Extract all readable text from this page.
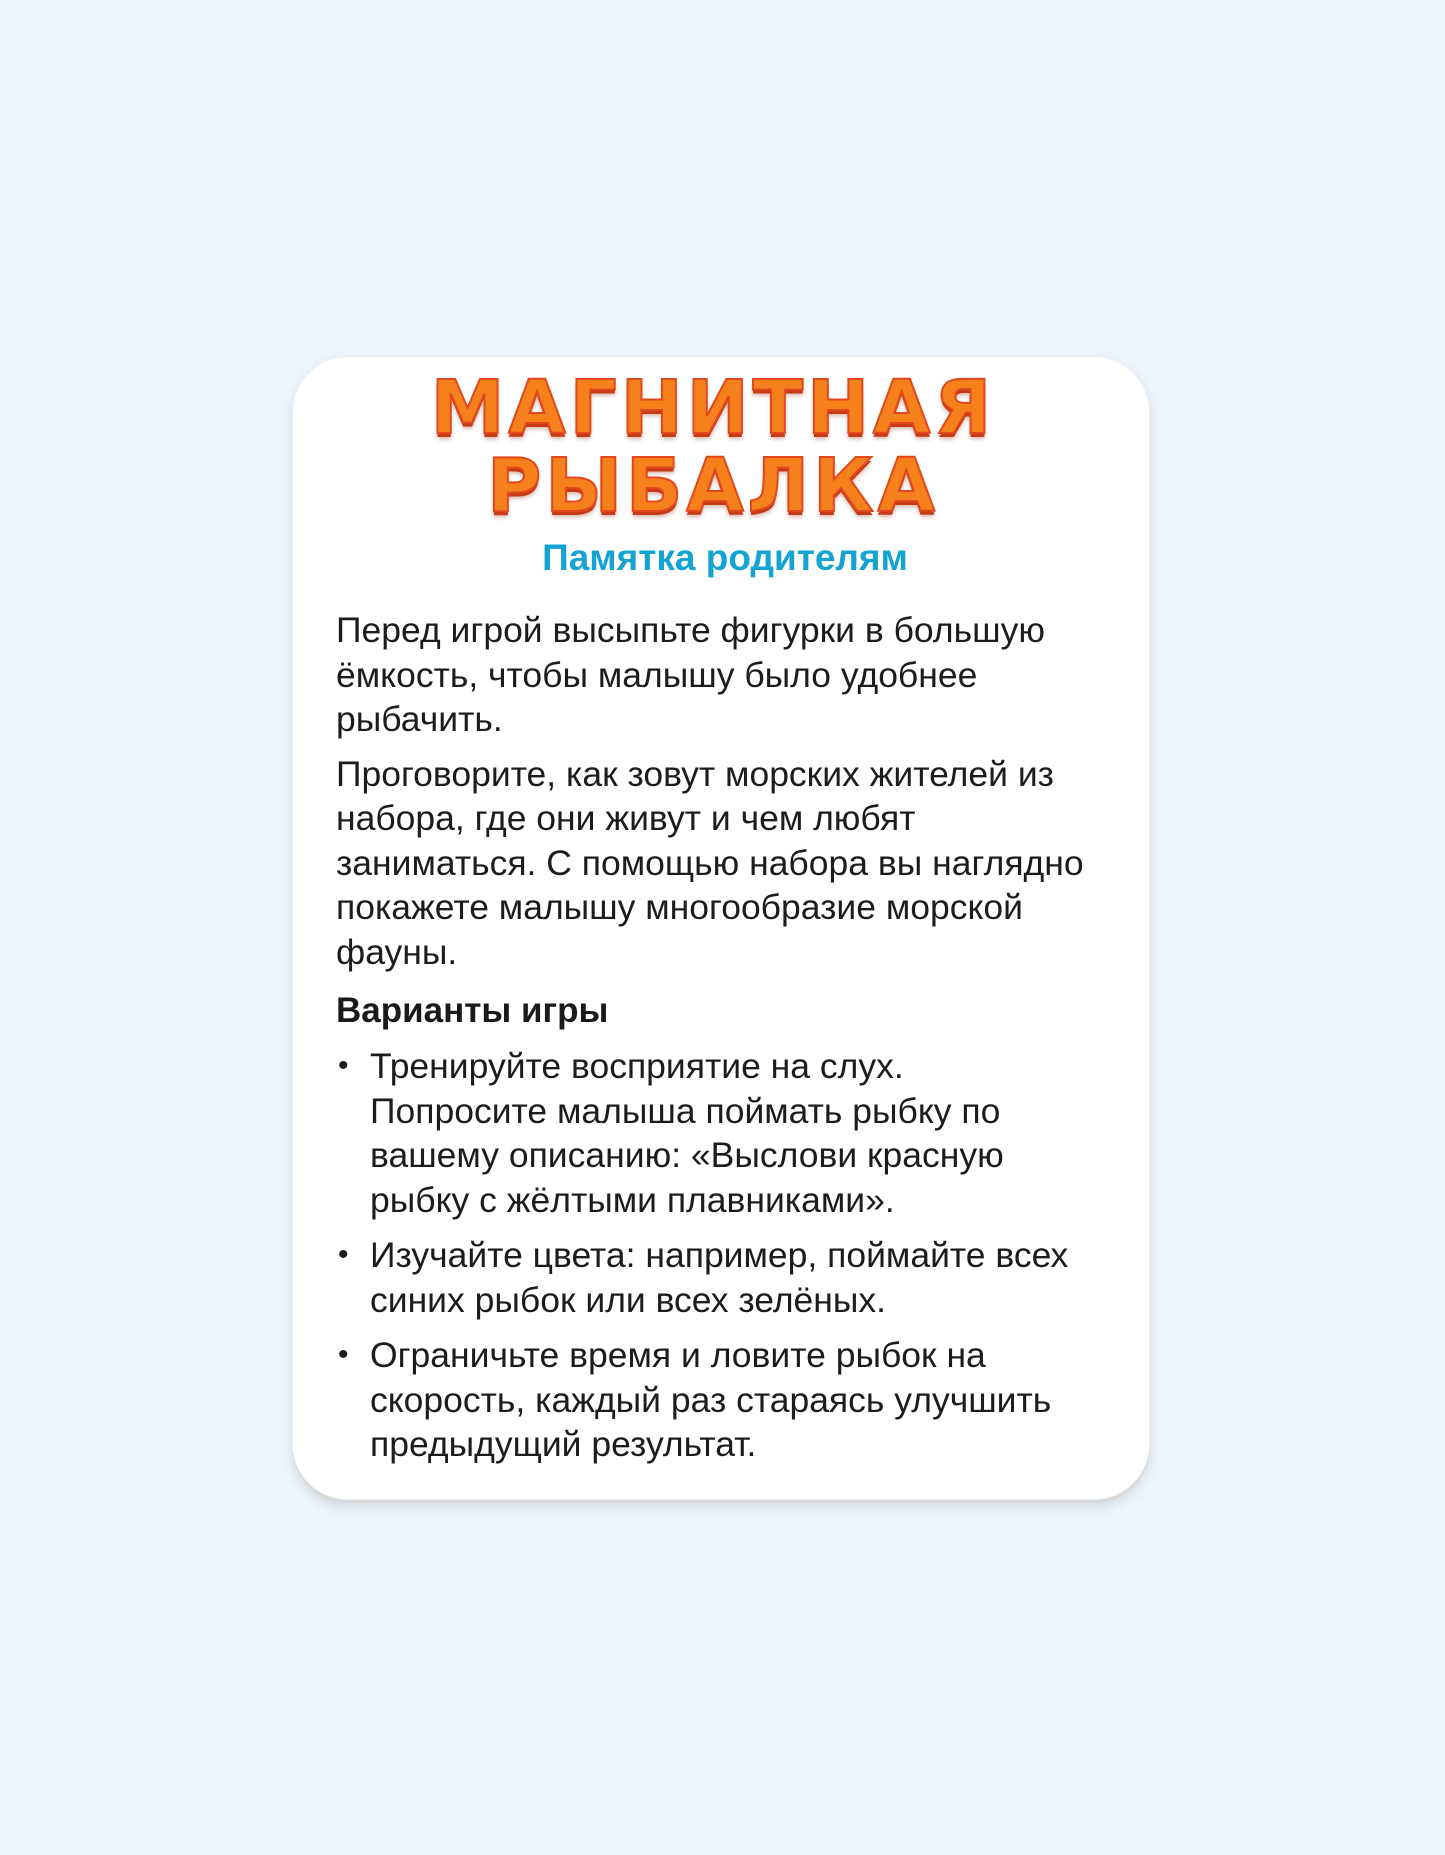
МАГНИТНАЯ
РЫБАЛКА
Памятка родителям

Перед игрой высыпьте фигурки в большую ёмкость, чтобы малышу было удобнее рыбачить.

Проговорите, как зовут морских жителей из набора, где они живут и чем любят заниматься. С помощью набора вы наглядно покажете малышу многообразие морской фауны.

Варианты игры
• Тренируйте восприятие на слух. Попросите малыша поймать рыбку по вашему описанию: «Выслови красную рыбку с жёлтыми плавниками».
• Изучайте цвета: например, поймайте всех синих рыбок или всех зелёных.
• Ограничьте время и ловите рыбок на скорость, каждый раз стараясь улучшить предыдущий результат.
